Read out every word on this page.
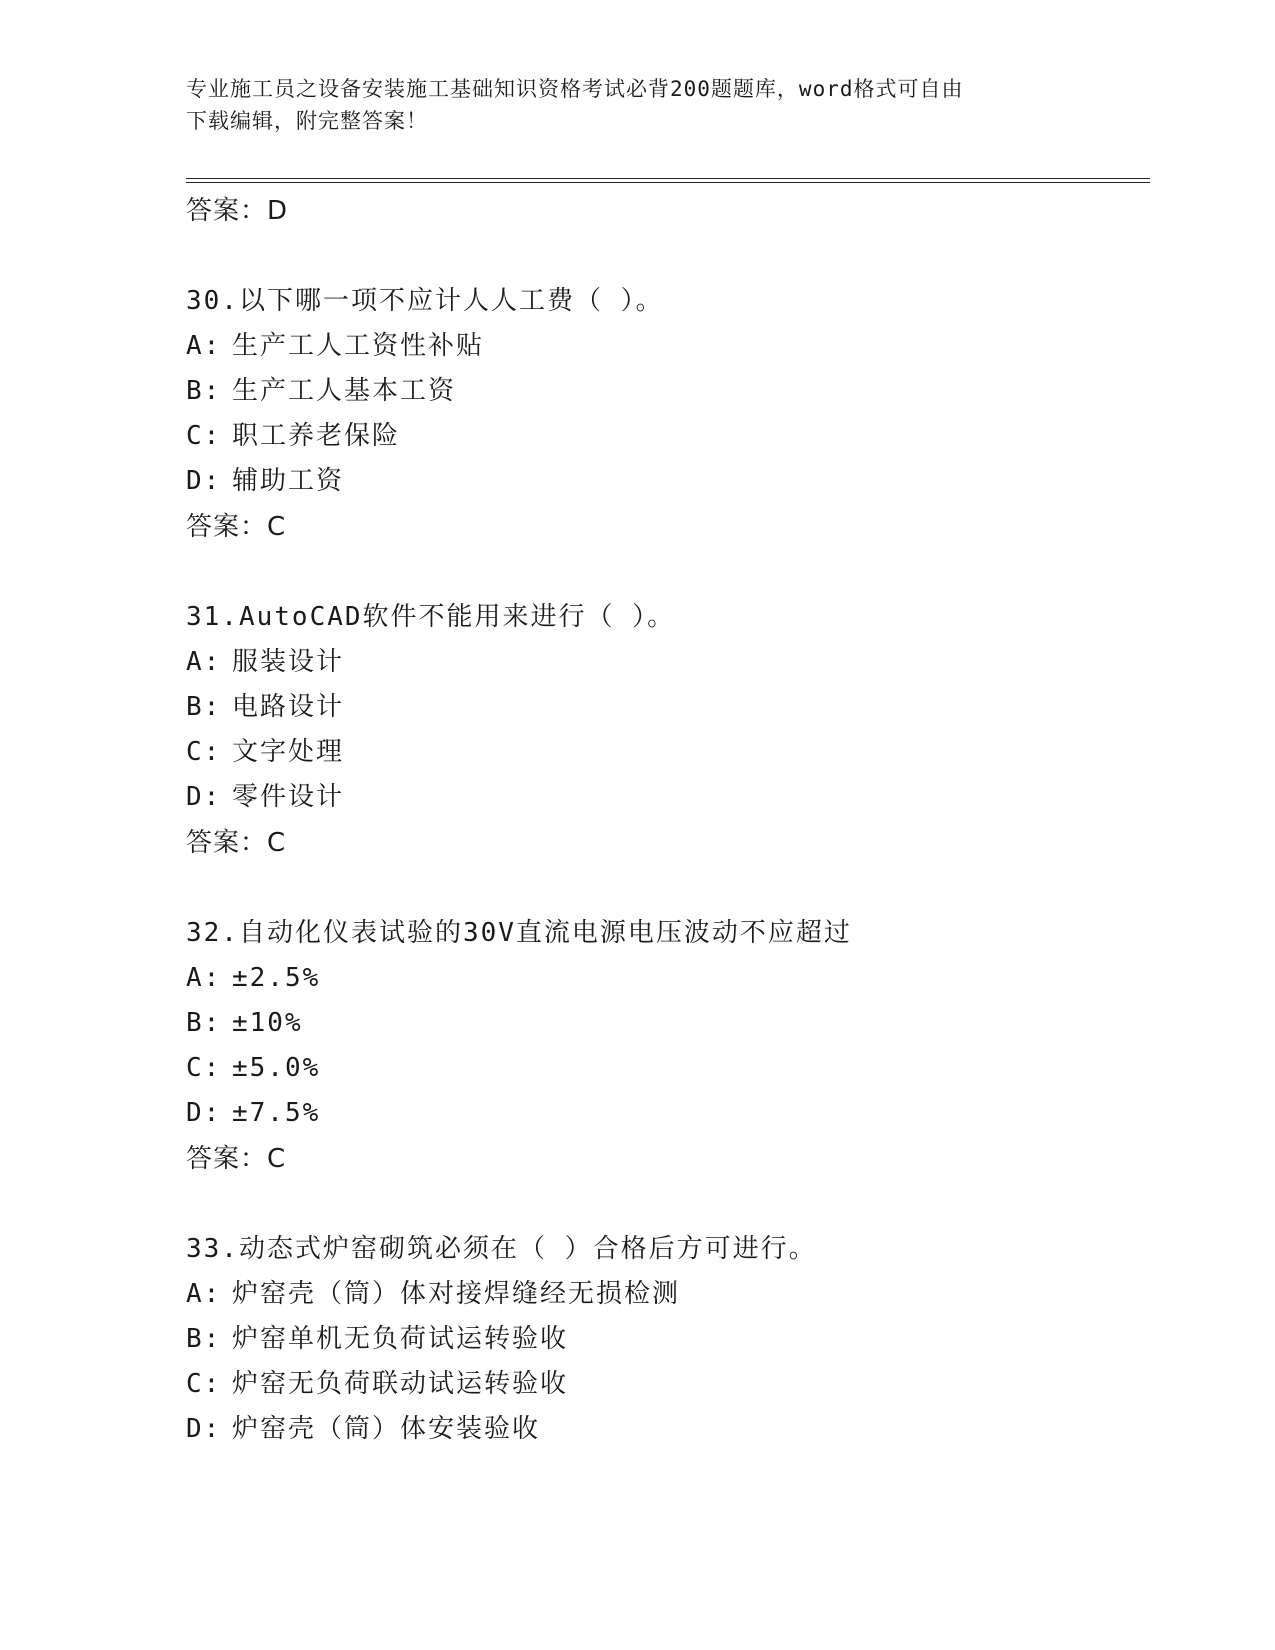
专业施工员之设备安装施工基础知识资格考试必背200题题库，word格式可自由
下载编辑，附完整答案！

答案：D

30.以下哪一项不应计人人工费（ ）。

A: 生产工人工资性补贴

B: 生产工人基本工资

C: 职工养老保险

D: 辅助工资

答案：C

31.AutoCAD软件不能用来进行（ ）。

A: 服装设计

B: 电路设计

C: 文字处理

D: 零件设计

答案：C

32.自动化仪表试验的30V直流电源电压波动不应超过

A: ±2.5%

B: ±10%

C: ±5.0%

D: ±7.5%

答案：C

33.动态式炉窑砌筑必须在（ ）合格后方可进行。

A: 炉窑壳（筒）体对接焊缝经无损检测

B: 炉窑单机无负荷试运转验收

C: 炉窑无负荷联动试运转验收

D: 炉窑壳（筒）体安装验收
